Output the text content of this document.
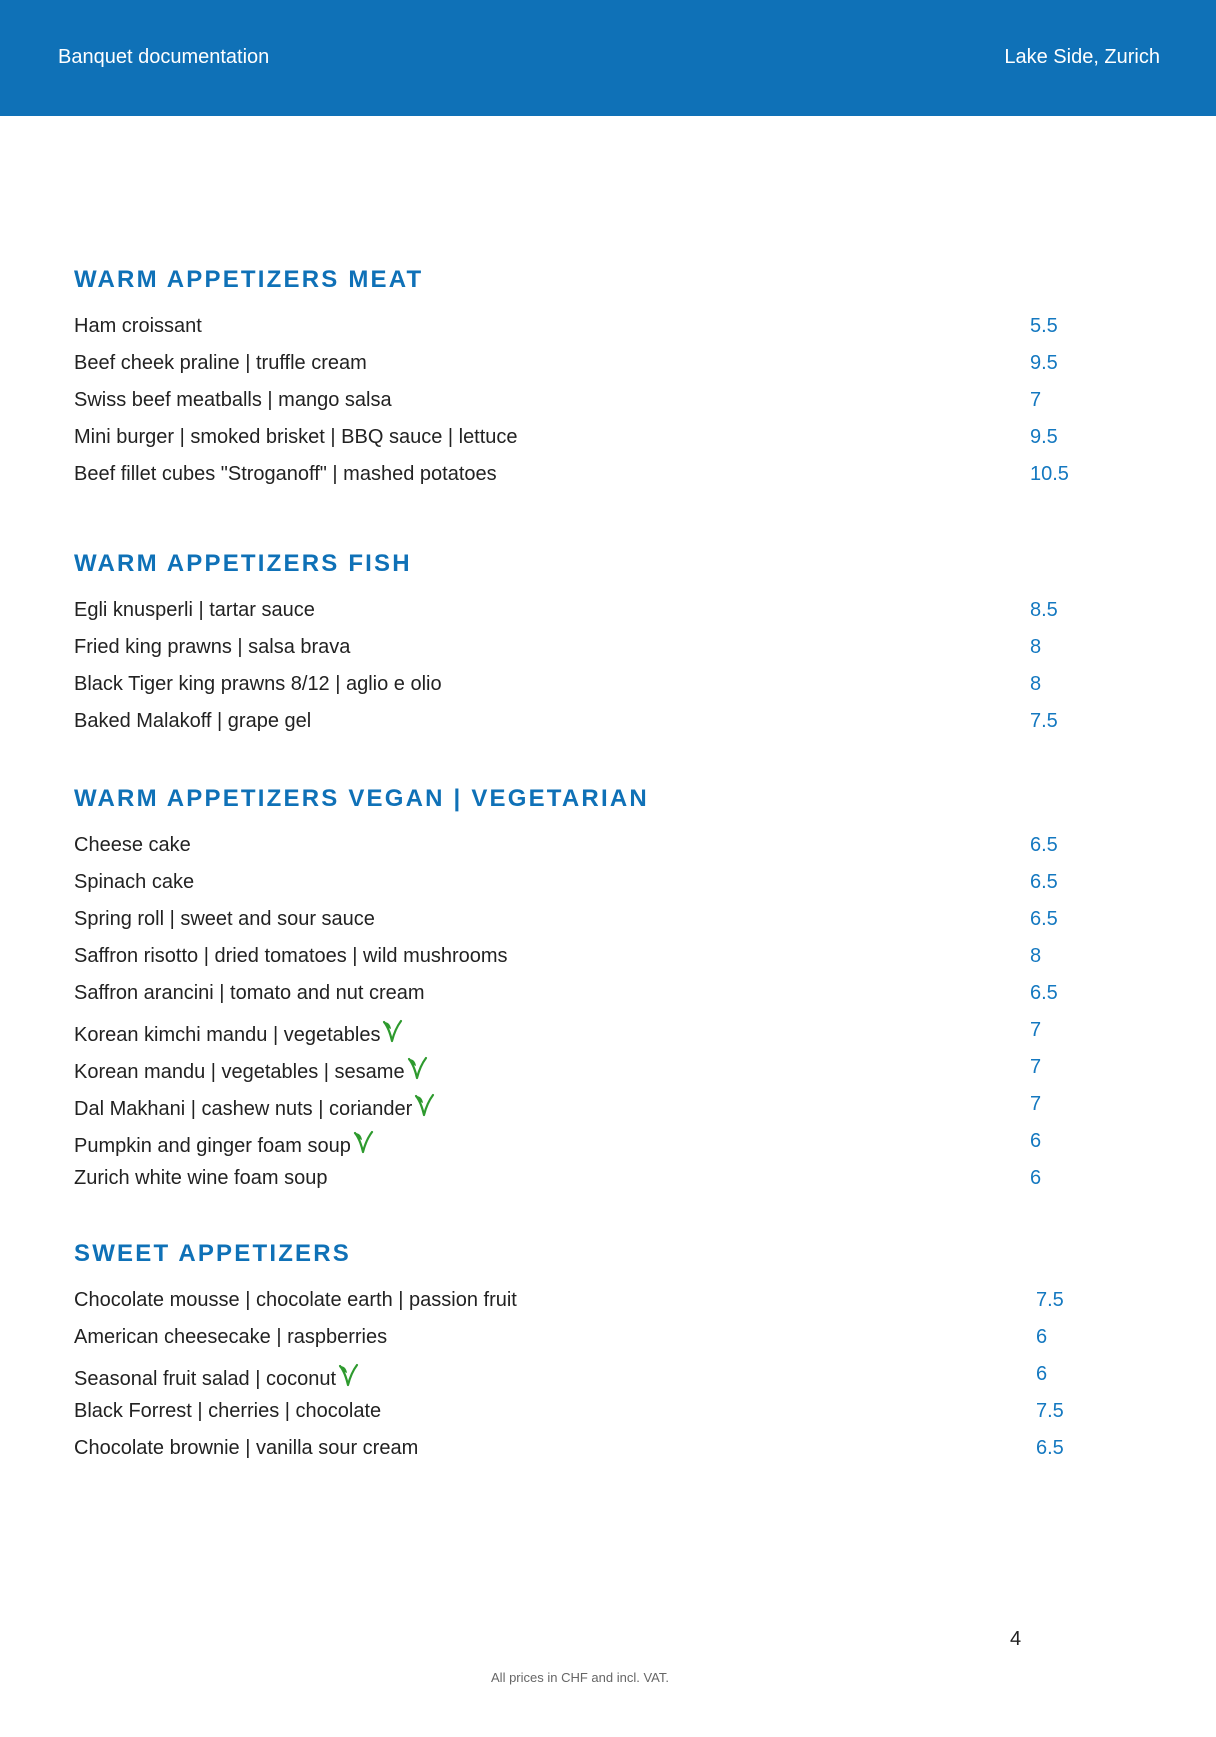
Banquet documentation	Lake Side, Zurich
WARM APPETIZERS MEAT
Ham croissant	5.5
Beef cheek praline | truffle cream	9.5
Swiss beef meatballs | mango salsa	7
Mini burger | smoked brisket | BBQ sauce | lettuce	9.5
Beef fillet cubes "Stroganoff" | mashed potatoes	10.5
WARM APPETIZERS FISH
Egli knusperli | tartar sauce	8.5
Fried king prawns | salsa brava	8
Black Tiger king prawns 8/12 | aglio e olio	8
Baked Malakoff | grape gel	7.5
WARM APPETIZERS VEGAN | VEGETARIAN
Cheese cake	6.5
Spinach cake	6.5
Spring roll | sweet and sour sauce	6.5
Saffron risotto | dried tomatoes | wild mushrooms	8
Saffron arancini | tomato and nut cream	6.5
Korean kimchi mandu | vegetables	7
Korean mandu | vegetables | sesame	7
Dal Makhani | cashew nuts | coriander	7
Pumpkin and ginger foam soup	6
Zurich white wine foam soup	6
SWEET APPETIZERS
Chocolate mousse | chocolate earth | passion fruit	7.5
American cheesecake | raspberries	6
Seasonal fruit salad | coconut	6
Black Forrest | cherries | chocolate	7.5
Chocolate brownie | vanilla sour cream	6.5
4
All prices in CHF and incl. VAT.
